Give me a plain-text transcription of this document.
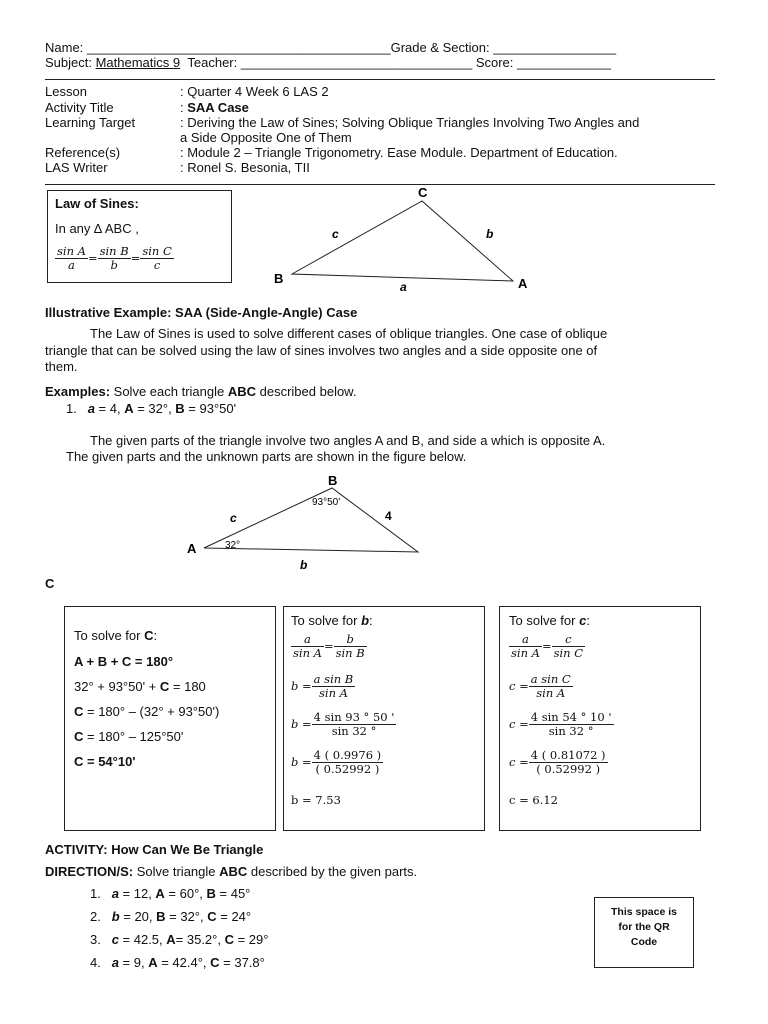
Name: __________________________________________Grade & Section: _________________
Subject: Mathematics 9 Teacher: ________________________________ Score: _____________
Lesson	: Quarter 4 Week 6 LAS 2
Activity Title	: SAA Case
Learning Target	: Deriving the Law of Sines; Solving Oblique Triangles Involving Two Angles and
a Side Opposite One of Them
Reference(s)	: Module 2 – Triangle Trigonometry. Ease Module. Department of Education.
LAS Writer	: Ronel S. Besonia, TII
Law of Sines:
In any ∆ ABC ,
$\frac{\text{sin A}}{a} = \frac{\text{sin B}}{b} = \frac{\text{sin C}}{c}$
C
B	A
c	b
a
Illustrative Example: SAA (Side-Angle-Angle) Case
The Law of Sines is used to solve different cases of oblique triangles. One case of oblique
triangle that can be solved using the law of sines involves two angles and a side opposite one of
them.
Examples: Solve each triangle ABC described below.
1. a = 4, A = 32°, B = 93°50'
The given parts of the triangle involve two angles A and B, and side a which is opposite A.
The given parts and the unknown parts are shown in the figure below.
B
A
93°50'
32°
c	4
b
C
To solve for C:
A + B + C = 180°
32° + 93°50' + C = 180
C = 180° – (32° + 93°50')
C = 180° – 125°50'
C = 54°10'
To solve for b:
$\frac{a}{\text{sin A}} = \frac{b}{\text{sin B}}$
$b = \frac{\text{a sin B}}{\text{sin A}}$
$b = \frac{4 \sin 93 ^\circ 50 '}{\sin 32 ^\circ}$
$b = \frac{4 ( 0.9976 )}{( 0.52992 )}$
b = 7.53
To solve for c:
$\frac{a}{\text{sin A}} = \frac{c}{\text{sin C}}$
$c = \frac{\text{a sin C}}{\text{sin A}}$
$c = \frac{4 \sin 54 ^\circ 10 '}{\sin 32 ^\circ}$
$c = \frac{4 ( 0.81072 )}{( 0.52992 )}$
c = 6.12
ACTIVITY: How Can We Be Triangle
DIRECTION/S: Solve triangle ABC described by the given parts.
1. a = 12, A = 60°, B = 45°
2. b = 20, B = 32°, C = 24°
3. c = 42.5, A= 35.2°, C = 29°
4. a = 9, A = 42.4°, C = 37.8°
This space is
for the QR
Code
